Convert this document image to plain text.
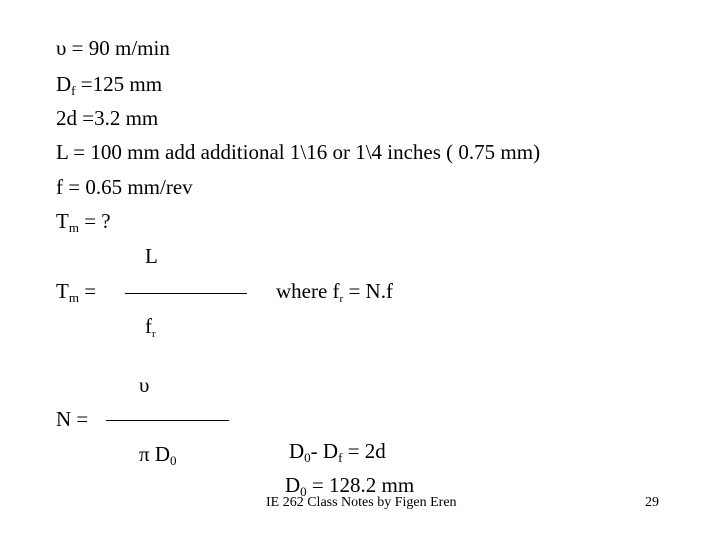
υ = 90 m/min
$D_f =125$ mm
2d =3.2 mm
L = 100 mm add additional 1\16 or 1\4 inches ( 0.75 mm)
f = 0.65 mm/rev
$T_m$ = ?
L
$T_m$ =	where $f_r = N.f$
$f_r$
υ
N =
π $D_0$	$D_0-$ $D_f = 2d$
$D_0 = 128.2$ mm
IE 262 Class Notes by Figen Eren	29
